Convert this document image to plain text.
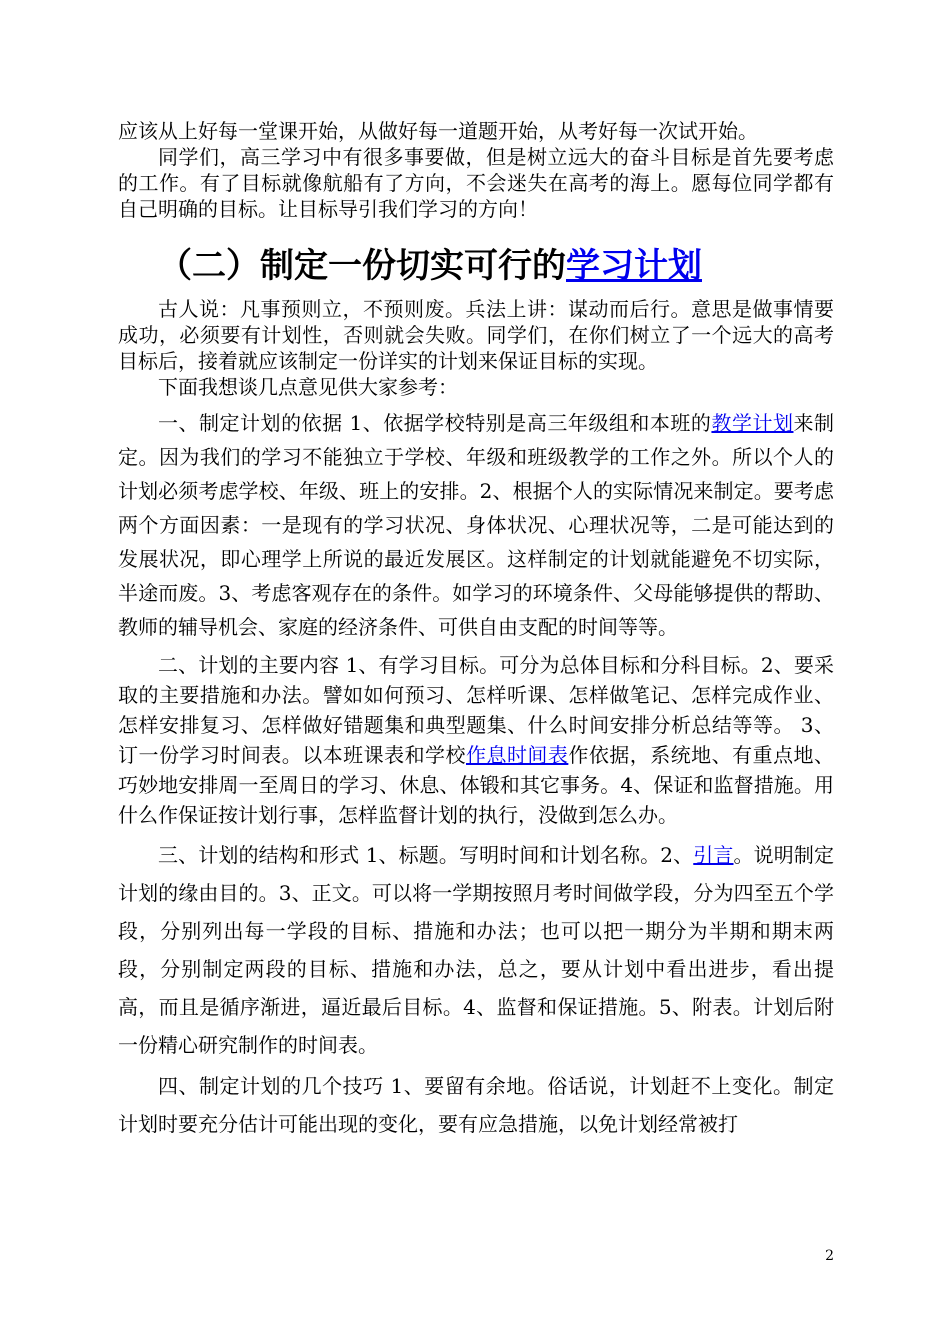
应该从上好每一堂课开始，从做好每一道题开始，从考好每一次试开始。

同学们，高三学习中有很多事要做，但是树立远大的奋斗目标是首先要考虑的工作。有了目标就像航船有了方向，不会迷失在高考的海上。愿每位同学都有自己明确的目标。让目标导引我们学习的方向！

（二）制定一份切实可行的学习计划

古人说：凡事预则立，不预则废。兵法上讲：谋动而后行。意思是做事情要成功，必须要有计划性，否则就会失败。同学们，在你们树立了一个远大的高考目标后，接着就应该制定一份详实的计划来保证目标的实现。

下面我想谈几点意见供大家参考：

一、制定计划的依据 1、依据学校特别是高三年级组和本班的教学计划来制定。因为我们的学习不能独立于学校、年级和班级教学的工作之外。所以个人的计划必须考虑学校、年级、班上的安排。2、根据个人的实际情况来制定。要考虑两个方面因素：一是现有的学习状况、身体状况、心理状况等，二是可能达到的发展状况，即心理学上所说的最近发展区。这样制定的计划就能避免不切实际，半途而废。3、考虑客观存在的条件。如学习的环境条件、父母能够提供的帮助、教师的辅导机会、家庭的经济条件、可供自由支配的时间等等。

二、计划的主要内容 1、有学习目标。可分为总体目标和分科目标。2、要采取的主要措施和办法。譬如如何预习、怎样听课、怎样做笔记、怎样完成作业、怎样安排复习、怎样做好错题集和典型题集、什么时间安排分析总结等等。 3、订一份学习时间表。以本班课表和学校作息时间表作依据，系统地、有重点地、巧妙地安排周一至周日的学习、休息、体锻和其它事务。4、保证和监督措施。用什么作保证按计划行事，怎样监督计划的执行，没做到怎么办。

三、计划的结构和形式 1、标题。写明时间和计划名称。2、引言。说明制定计划的缘由目的。3、正文。可以将一学期按照月考时间做学段，分为四至五个学段，分别列出每一学段的目标、措施和办法；也可以把一期分为半期和期末两段，分别制定两段的目标、措施和办法，总之，要从计划中看出进步，看出提高，而且是循序渐进，逼近最后目标。4、监督和保证措施。5、附表。计划后附一份精心研究制作的时间表。

四、制定计划的几个技巧 1、要留有余地。俗话说，计划赶不上变化。制定计划时要充分估计可能出现的变化，要有应急措施，以免计划经常被打

2
